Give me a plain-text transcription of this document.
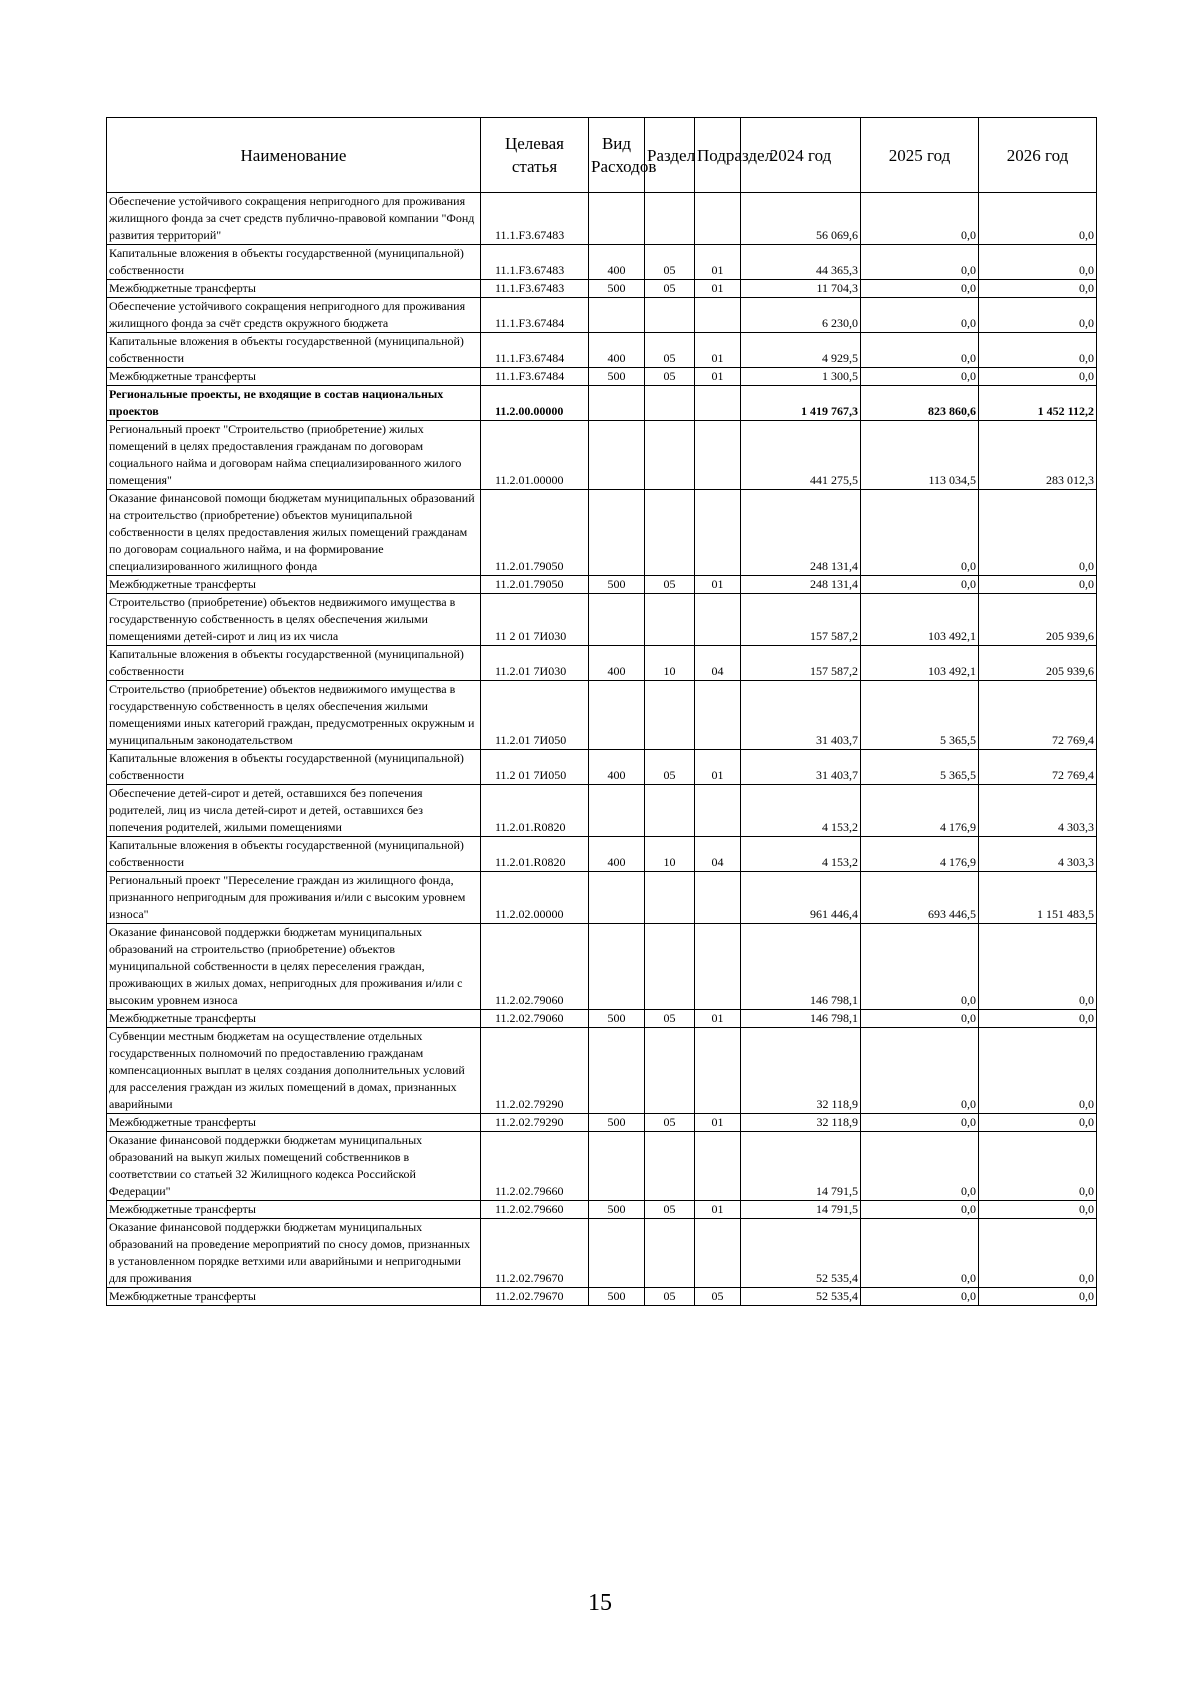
Наименование	Целевая статья	Вид Расходов	Раздел	Подраздел	2024 год	2025 год	2026 год
Обеспечение устойчивого сокращения непригодного для проживания жилищного фонда за счет средств публично-правовой компании "Фонд развития территорий"	11.1.F3.67483				56 069,6	0,0	0,0
Капитальные вложения в объекты государственной (муниципальной) собственности	11.1.F3.67483	400	05	01	44 365,3	0,0	0,0
Межбюджетные трансферты	11.1.F3.67483	500	05	01	11 704,3	0,0	0,0
Обеспечение устойчивого сокращения непригодного для проживания жилищного фонда за счёт средств окружного бюджета	11.1.F3.67484				6 230,0	0,0	0,0
Капитальные вложения в объекты государственной (муниципальной) собственности	11.1.F3.67484	400	05	01	4 929,5	0,0	0,0
Межбюджетные трансферты	11.1.F3.67484	500	05	01	1 300,5	0,0	0,0
Региональные проекты, не входящие в состав национальных проектов	11.2.00.00000				1 419 767,3	823 860,6	1 452 112,2
Региональный проект "Строительство (приобретение) жилых помещений в целях предоставления гражданам по договорам социального найма и договорам найма специализированного жилого помещения"	11.2.01.00000				441 275,5	113 034,5	283 012,3
Оказание финансовой помощи бюджетам муниципальных образований на строительство (приобретение) объектов муниципальной собственности в целях предоставления жилых помещений гражданам по договорам социального найма, и на формирование специализированного жилищного фонда	11.2.01.79050				248 131,4	0,0	0,0
Межбюджетные трансферты	11.2.01.79050	500	05	01	248 131,4	0,0	0,0
Строительство (приобретение) объектов недвижимого имущества в государственную собственность в целях обеспечения жилыми помещениями детей-сирот и лиц из их числа	11 2 01 7И030				157 587,2	103 492,1	205 939,6
Капитальные вложения в объекты государственной (муниципальной) собственности	11.2.01 7И030	400	10	04	157 587,2	103 492,1	205 939,6
Строительство (приобретение) объектов недвижимого имущества в государственную собственность в целях обеспечения жилыми помещениями иных категорий граждан, предусмотренных окружным и муниципальным законодательством	11.2.01 7И050				31 403,7	5 365,5	72 769,4
Капитальные вложения в объекты государственной (муниципальной) собственности	11.2 01 7И050	400	05	01	31 403,7	5 365,5	72 769,4
Обеспечение детей-сирот и детей, оставшихся без попечения родителей, лиц из числа детей-сирот и детей, оставшихся без попечения родителей, жилыми помещениями	11.2.01.R0820				4 153,2	4 176,9	4 303,3
Капитальные вложения в объекты государственной (муниципальной) собственности	11.2.01.R0820	400	10	04	4 153,2	4 176,9	4 303,3
Региональный проект "Переселение граждан из жилищного фонда, признанного непригодным для проживания и/или с высоким уровнем износа"	11.2.02.00000				961 446,4	693 446,5	1 151 483,5
Оказание финансовой поддержки бюджетам муниципальных образований на строительство (приобретение) объектов муниципальной собственности в целях переселения граждан, проживающих в жилых домах, непригодных для проживания и/или с высоким уровнем износа	11.2.02.79060				146 798,1	0,0	0,0
Межбюджетные трансферты	11.2.02.79060	500	05	01	146 798,1	0,0	0,0
Субвенции местным бюджетам на осуществление отдельных государственных полномочий по предоставлению гражданам компенсационных выплат в целях создания дополнительных условий для расселения граждан из жилых помещений в домах, признанных аварийными	11.2.02.79290				32 118,9	0,0	0,0
Межбюджетные трансферты	11.2.02.79290	500	05	01	32 118,9	0,0	0,0
Оказание финансовой поддержки бюджетам муниципальных образований на выкуп жилых помещений собственников в соответствии со статьей 32 Жилищного кодекса Российской Федерации"	11.2.02.79660				14 791,5	0,0	0,0
Межбюджетные трансферты	11.2.02.79660	500	05	01	14 791,5	0,0	0,0
Оказание финансовой поддержки бюджетам муниципальных образований на проведение мероприятий по сносу домов, признанных в установленном порядке ветхими или аварийными и непригодными для проживания	11.2.02.79670				52 535,4	0,0	0,0
Межбюджетные трансферты	11.2.02.79670	500	05	05	52 535,4	0,0	0,0
15
